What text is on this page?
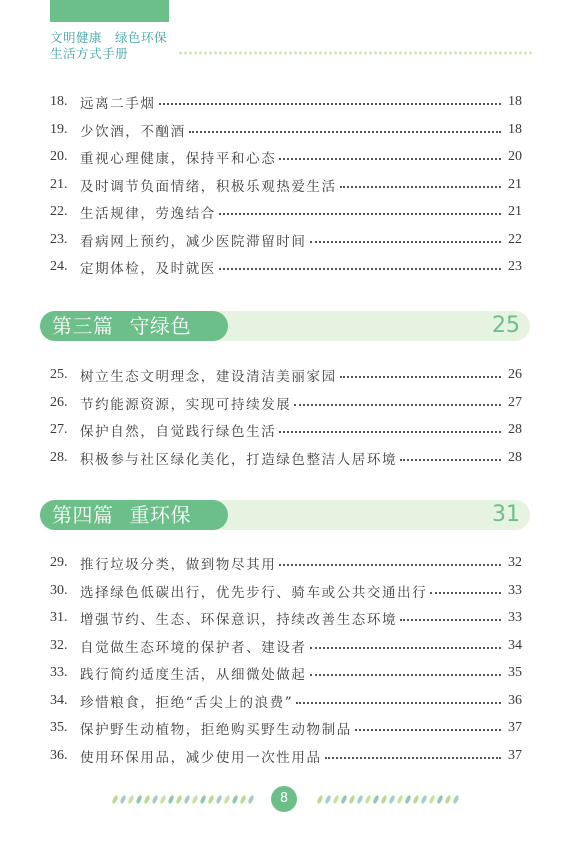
文明健康　绿色环保
生活方式手册
18. 远离二手烟	18
19. 少饮酒，不酗酒	18
20. 重视心理健康，保持平和心态	20
21. 及时调节负面情绪，积极乐观热爱生活	21
22. 生活规律，劳逸结合	21
23. 看病网上预约，减少医院滞留时间	22
24. 定期体检，及时就医	23
第三篇 守绿色	25
25. 树立生态文明理念，建设清洁美丽家园	26
26. 节约能源资源，实现可持续发展	27
27. 保护自然，自觉践行绿色生活	28
28. 积极参与社区绿化美化，打造绿色整洁人居环境	28
第四篇 重环保	31
29. 推行垃圾分类，做到物尽其用	32
30. 选择绿色低碳出行，优先步行、骑车或公共交通出行	33
31. 增强节约、生态、环保意识，持续改善生态环境	33
32. 自觉做生态环境的保护者、建设者	34
33. 践行简约适度生活，从细微处做起	35
34. 珍惜粮食，拒绝“舌尖上的浪费”	36
35. 保护野生动植物，拒绝购买野生动物制品	37
36. 使用环保用品，减少使用一次性用品	37
8
